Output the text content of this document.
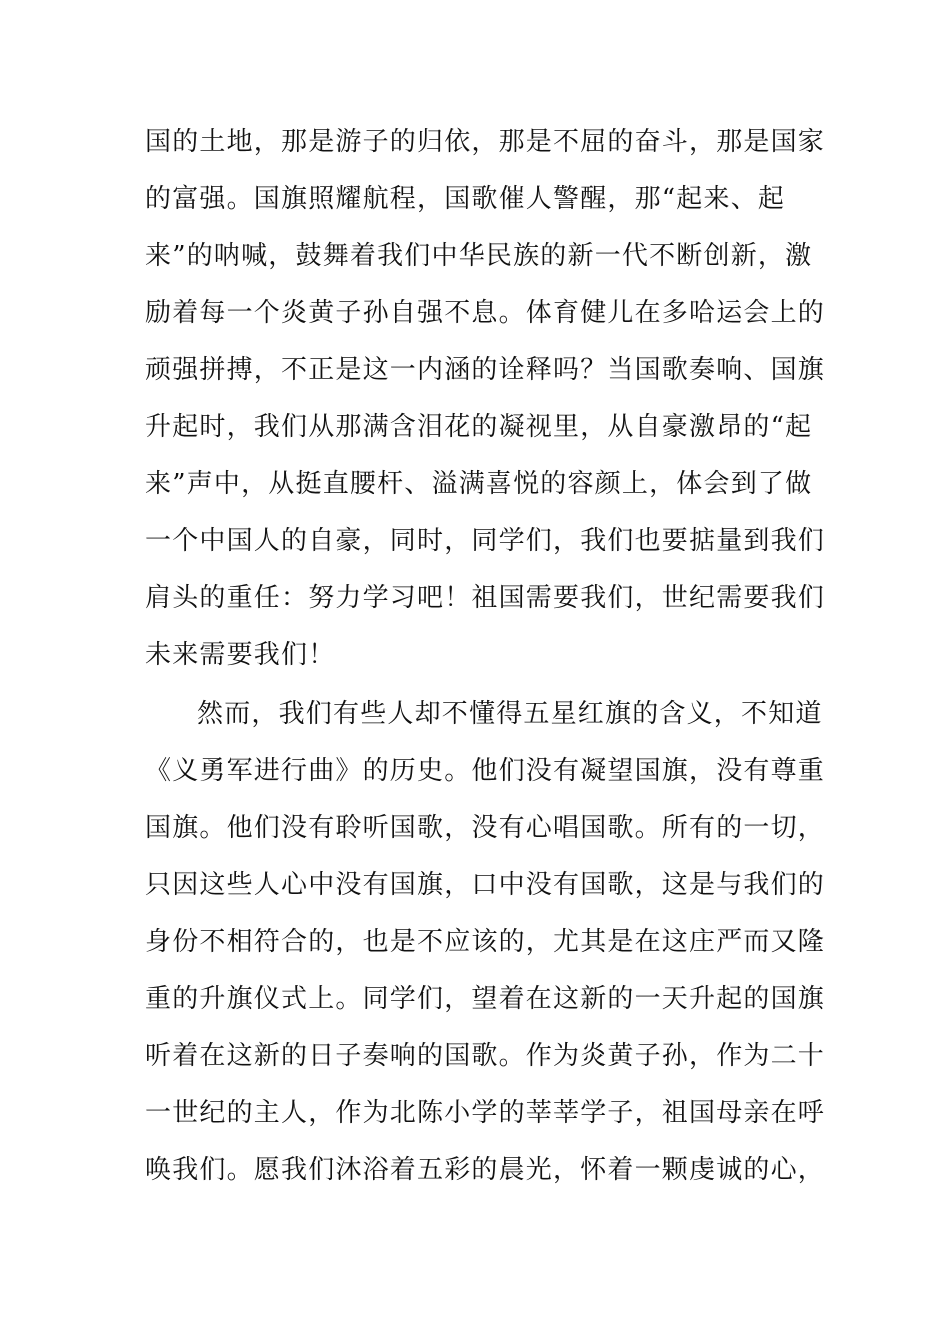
国的土地，那是游子的归依，那是不屈的奋斗，那是国家
的富强。国旗照耀航程，国歌催人警醒，那“起来、起
来”的呐喊，鼓舞着我们中华民族的新一代不断创新，激
励着每一个炎黄子孙自强不息。体育健儿在多哈运会上的
顽强拼搏，不正是这一内涵的诠释吗？当国歌奏响、国旗
升起时，我们从那满含泪花的凝视里，从自豪激昂的“起
来”声中，从挺直腰杆、溢满喜悦的容颜上，体会到了做
一个中国人的自豪，同时，同学们，我们也要掂量到我们
肩头的重任：努力学习吧！祖国需要我们，世纪需要我们
未来需要我们！
然而，我们有些人却不懂得五星红旗的含义，不知道
《义勇军进行曲》的历史。他们没有凝望国旗，没有尊重
国旗。他们没有聆听国歌，没有心唱国歌。所有的一切，
只因这些人心中没有国旗，口中没有国歌，这是与我们的
身份不相符合的，也是不应该的，尤其是在这庄严而又隆
重的升旗仪式上。同学们，望着在这新的一天升起的国旗
听着在这新的日子奏响的国歌。作为炎黄子孙，作为二十
一世纪的主人，作为北陈小学的莘莘学子，祖国母亲在呼
唤我们。愿我们沐浴着五彩的晨光，怀着一颗虔诚的心，
